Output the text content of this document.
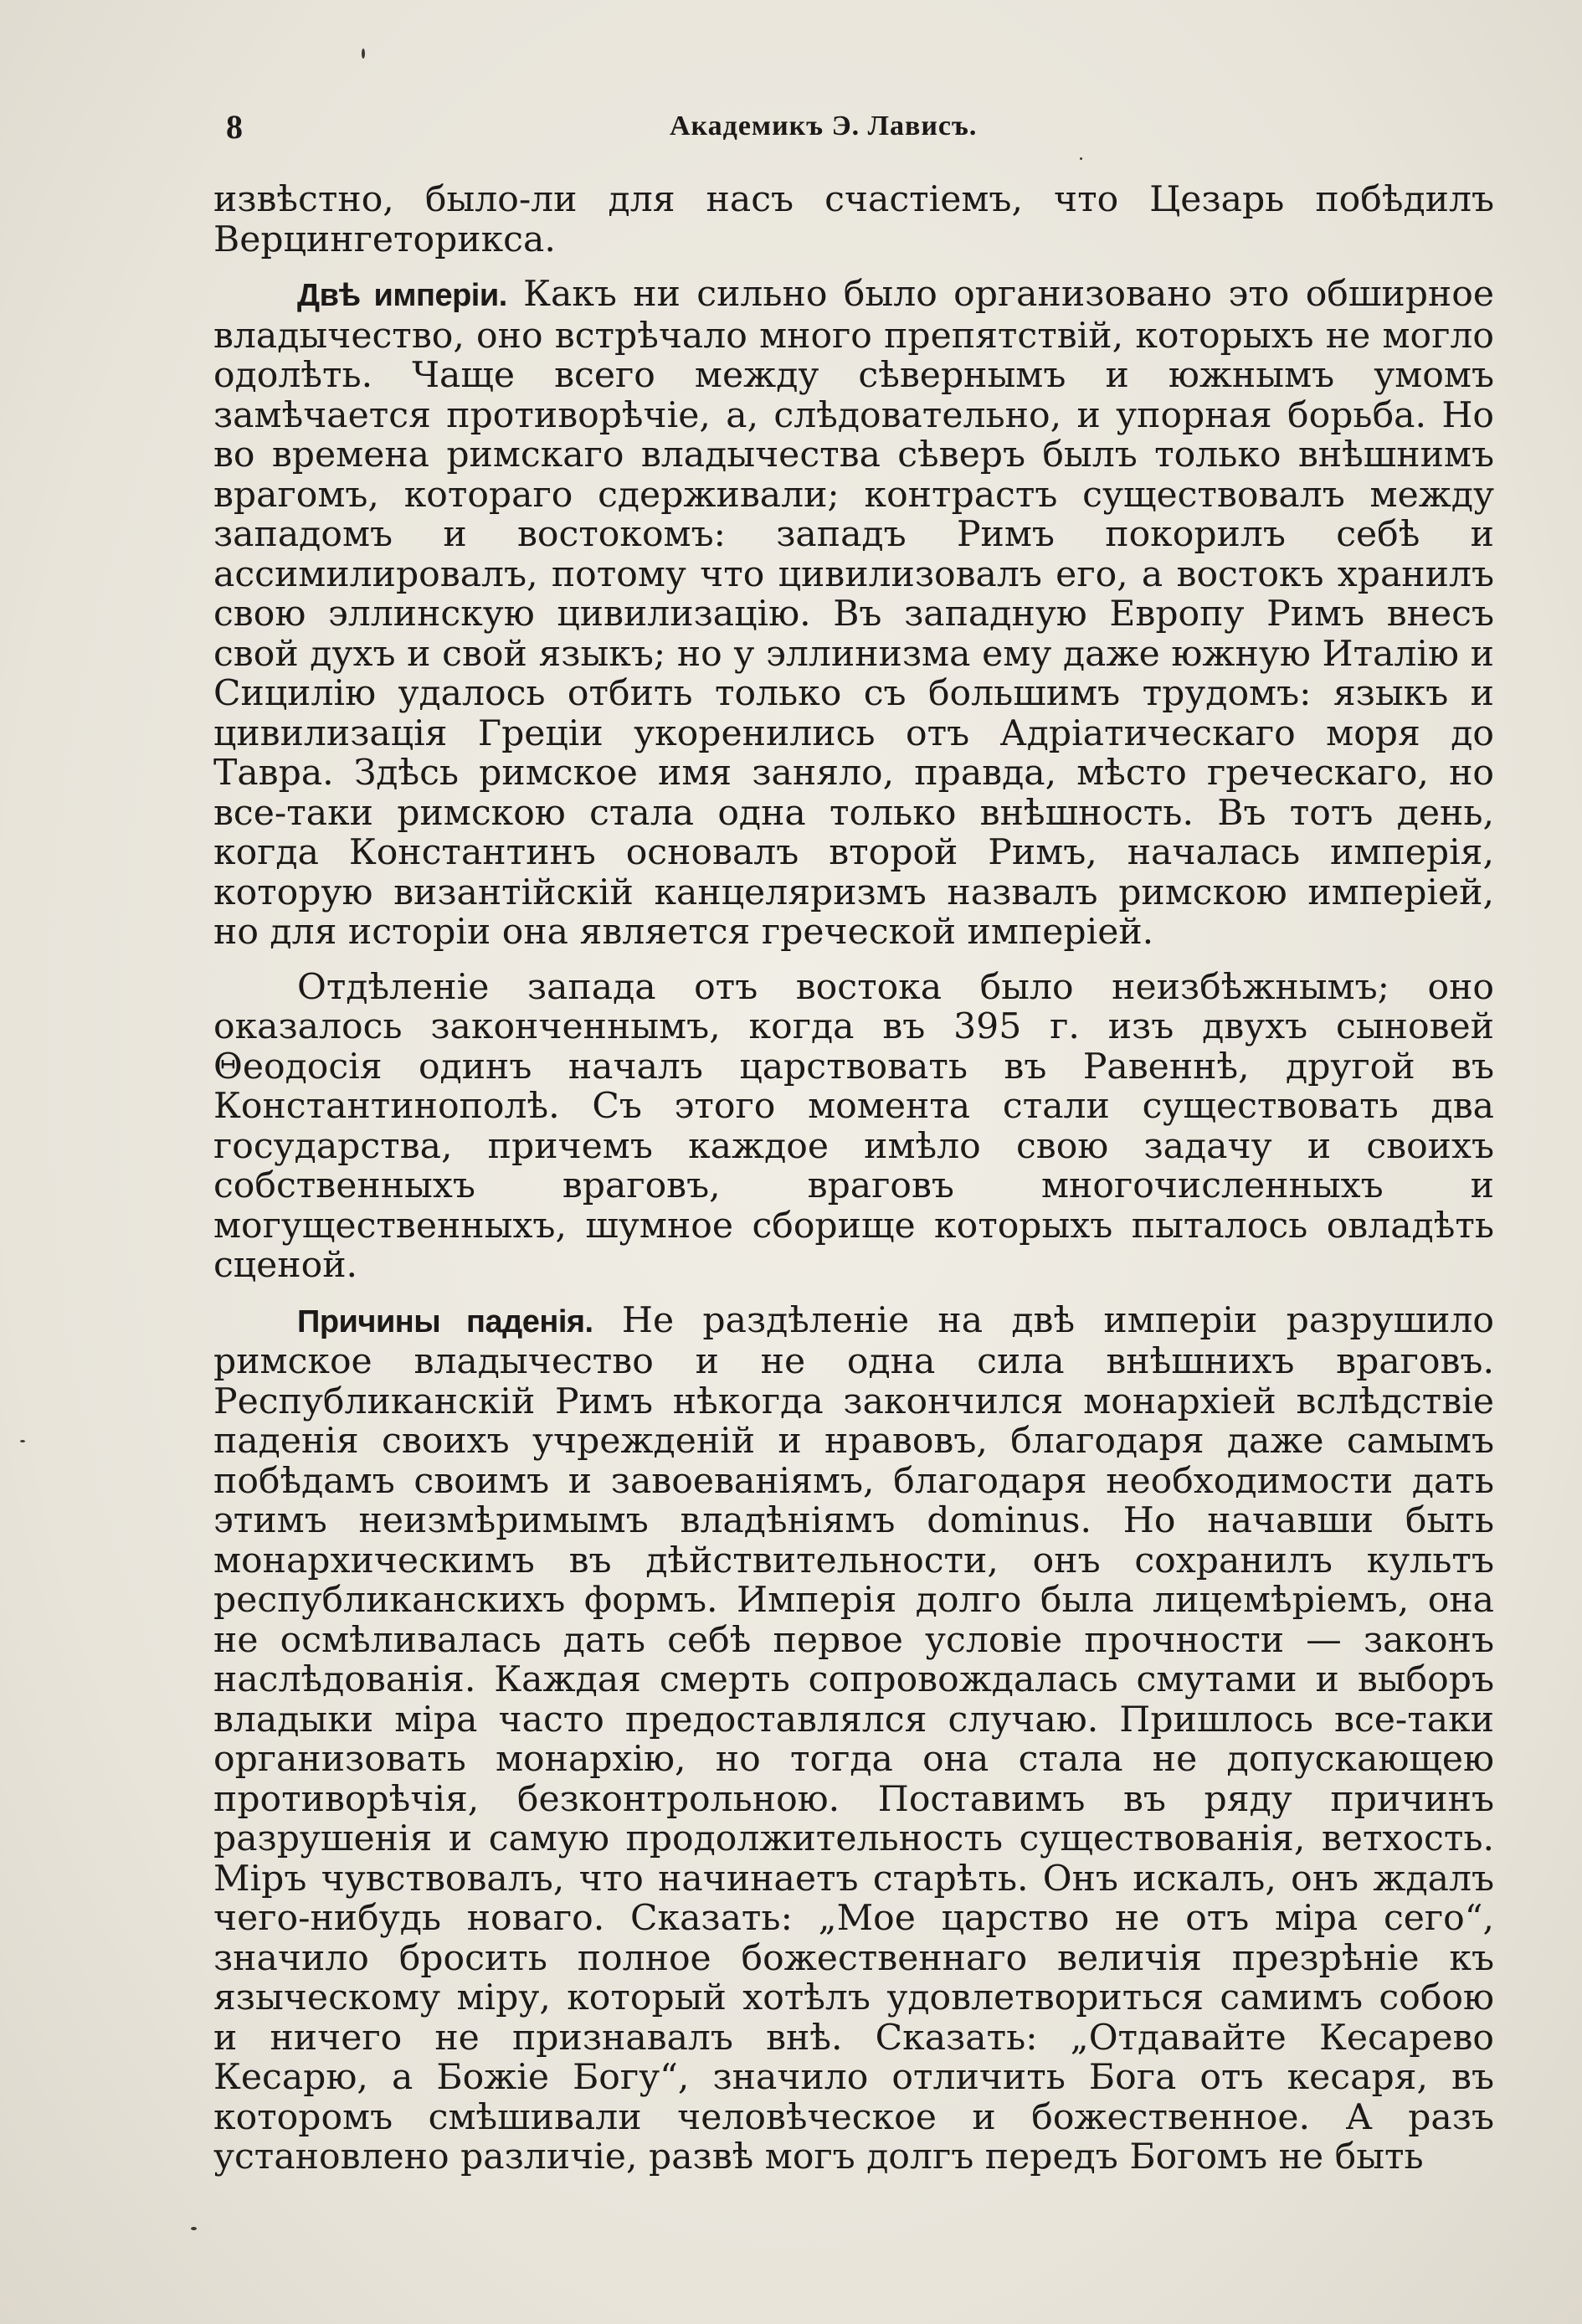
8	Академикъ Э. Лависъ.

извѣстно, было-ли для насъ счастіемъ, что Цезарь побѣдилъ Верцингеторикса.

Двѣ имперіи. Какъ ни сильно было организовано это обширное владычество, оно встрѣчало много препятствій, которыхъ не могло одолѣть. Чаще всего между сѣвернымъ и южнымъ умомъ замѣчается противорѣчіе, а, слѣдовательно, и упорная борьба. Но во времена римскаго владычества сѣверъ былъ только внѣшнимъ врагомъ, котораго сдерживали; контрастъ существовалъ между западомъ и востокомъ: западъ Римъ покорилъ себѣ и ассимилировалъ, потому что цивилизовалъ его, а востокъ хранилъ свою эллинскую цивилизацію. Въ западную Европу Римъ внесъ свой духъ и свой языкъ; но у эллинизма ему даже южную Италію и Сицилію удалось отбить только съ большимъ трудомъ: языкъ и цивилизація Греціи укоренились отъ Адріатическаго моря до Тавра. Здѣсь римское имя заняло, правда, мѣсто греческаго, но все-таки римскою стала одна только внѣшность. Въ тотъ день, когда Константинъ основалъ второй Римъ, началась имперія, которую византійскій канцеляризмъ назвалъ римскою имперіей, но для исторіи она является греческой имперіей.

Отдѣленіе запада отъ востока было неизбѣжнымъ; оно оказалось законченнымъ, когда въ 395 г. изъ двухъ сыновей Θеодосія одинъ началъ царствовать въ Равеннѣ, другой въ Константинополѣ. Съ этого момента стали существовать два государства, причемъ каждое имѣло свою задачу и своихъ собственныхъ враговъ, враговъ многочисленныхъ и могущественныхъ, шумное сборище которыхъ пыталось овладѣть сценой.

Причины паденія. Не раздѣленіе на двѣ имперіи разрушило римское владычество и не одна сила внѣшнихъ враговъ. Республиканскій Римъ нѣкогда закончился монархіей вслѣдствіе паденія своихъ учрежденій и нравовъ, благодаря даже самымъ побѣдамъ своимъ и завоеваніямъ, благодаря необходимости дать этимъ неизмѣримымъ владѣніямъ dominus. Но начавши быть монархическимъ въ дѣйствительности, онъ сохранилъ культъ республиканскихъ формъ. Имперія долго была лицемѣріемъ, она не осмѣливалась дать себѣ первое условіе прочности — законъ наслѣдованія. Каждая смерть сопровождалась смутами и выборъ владыки міра часто предоставлялся случаю. Пришлось все-таки организовать монархію, но тогда она стала не допускающею противорѣчія, безконтрольною. Поставимъ въ ряду причинъ разрушенія и самую продолжительность существованія, ветхость. Міръ чувствовалъ, что начинаетъ старѣть. Онъ искалъ, онъ ждалъ чего-нибудь новаго. Сказать: „Мое царство не отъ міра сего“, значило бросить полное божественнаго величія презрѣніе къ языческому міру, который хотѣлъ удовлетвориться самимъ собою и ничего не признавалъ внѣ. Сказать: „Отдавайте Кесарево Кесарю, а Божіе Богу“, значило отличить Бога отъ кесаря, въ которомъ смѣшивали человѣческое и божественное. А разъ установлено различіе, развѣ могъ долгъ передъ Богомъ не быть
